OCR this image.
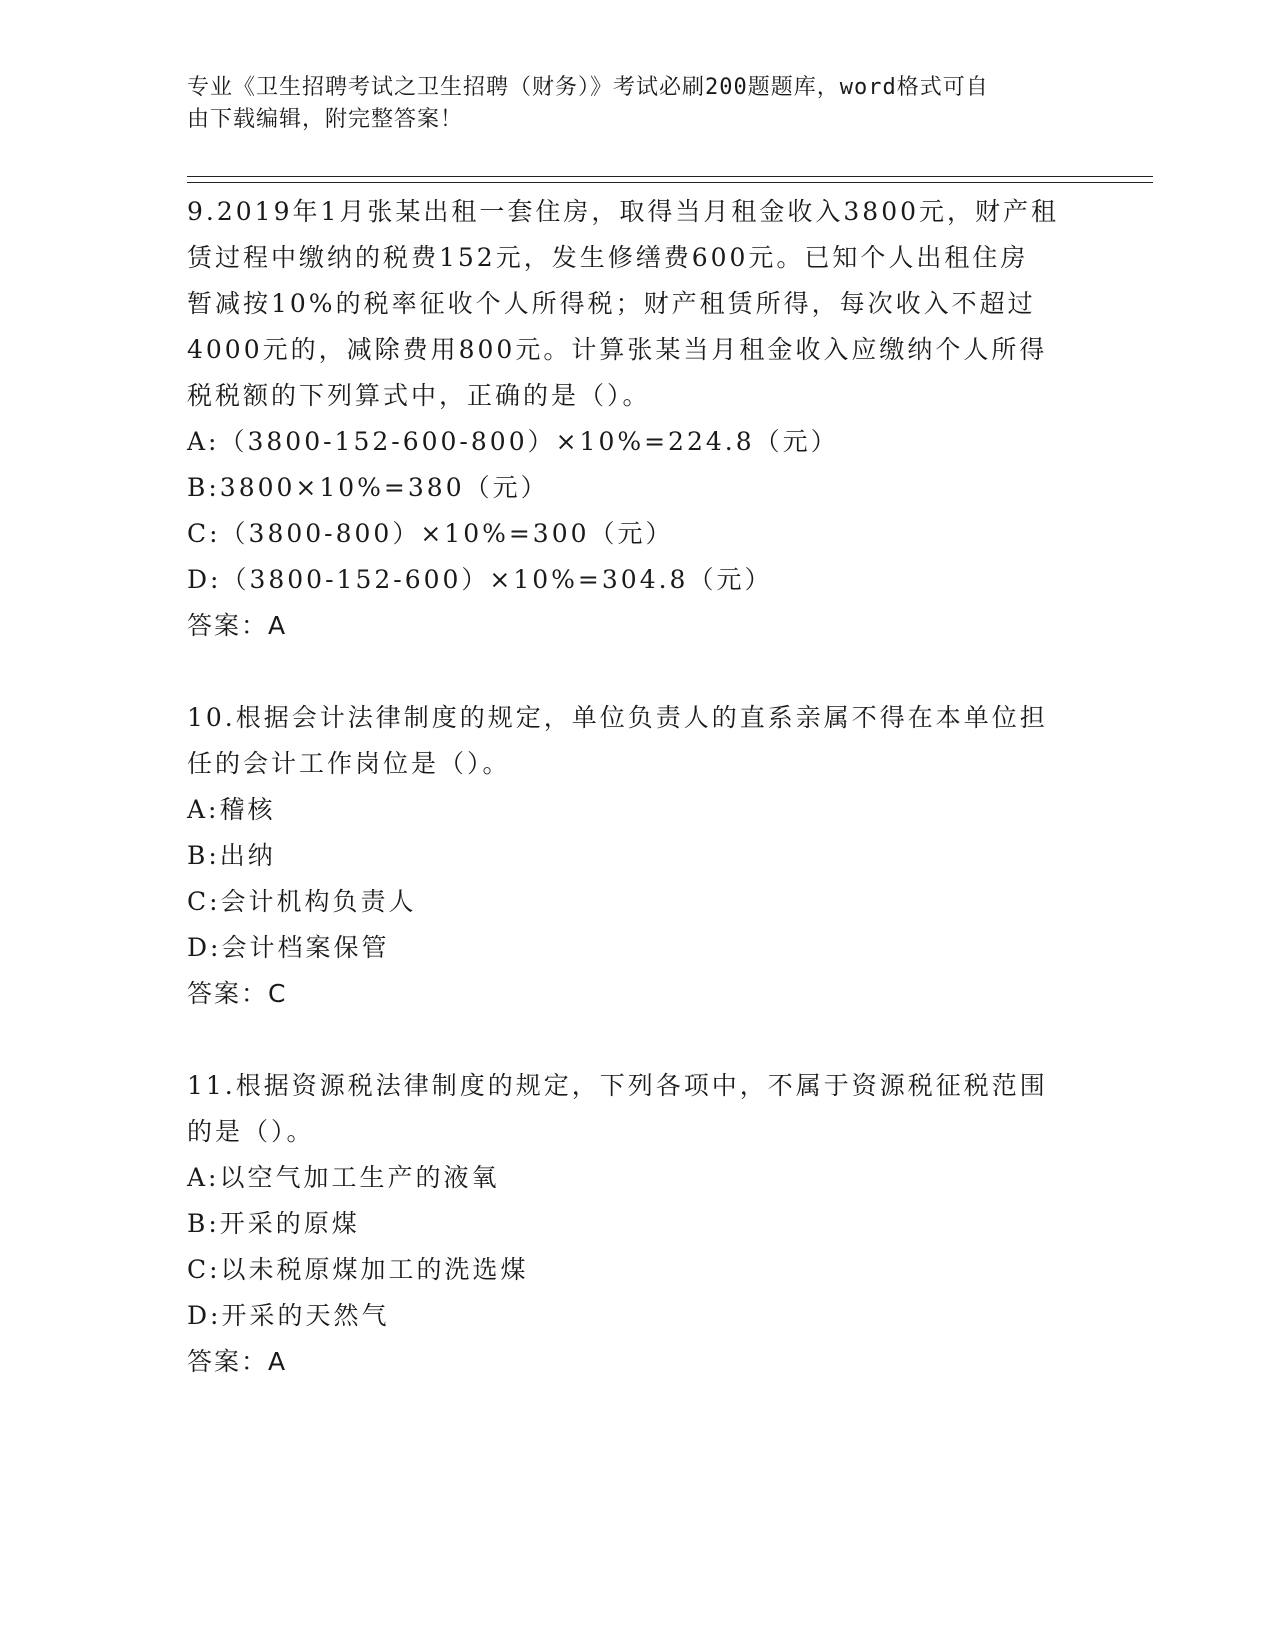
专业《卫生招聘考试之卫生招聘（财务）》考试必刷200题题库，word格式可自
由下载编辑，附完整答案！
9.2019年1月张某出租一套住房，取得当月租金收入3800元，财产租
赁过程中缴纳的税费152元，发生修缮费600元。已知个人出租住房
暂减按10%的税率征收个人所得税；财产租赁所得，每次收入不超过
4000元的，减除费用800元。计算张某当月租金收入应缴纳个人所得
税税额的下列算式中，正确的是（）。
A:（3800-152-600-800）×10%=224.8（元）
B:3800×10%=380（元）
C:（3800-800）×10%=300（元）
D:（3800-152-600）×10%=304.8（元）
答案：A
10.根据会计法律制度的规定，单位负责人的直系亲属不得在本单位担
任的会计工作岗位是（）。
A:稽核
B:出纳
C:会计机构负责人
D:会计档案保管
答案：C
11.根据资源税法律制度的规定，下列各项中，不属于资源税征税范围
的是（）。
A:以空气加工生产的液氧
B:开采的原煤
C:以未税原煤加工的洗选煤
D:开采的天然气
答案：A
